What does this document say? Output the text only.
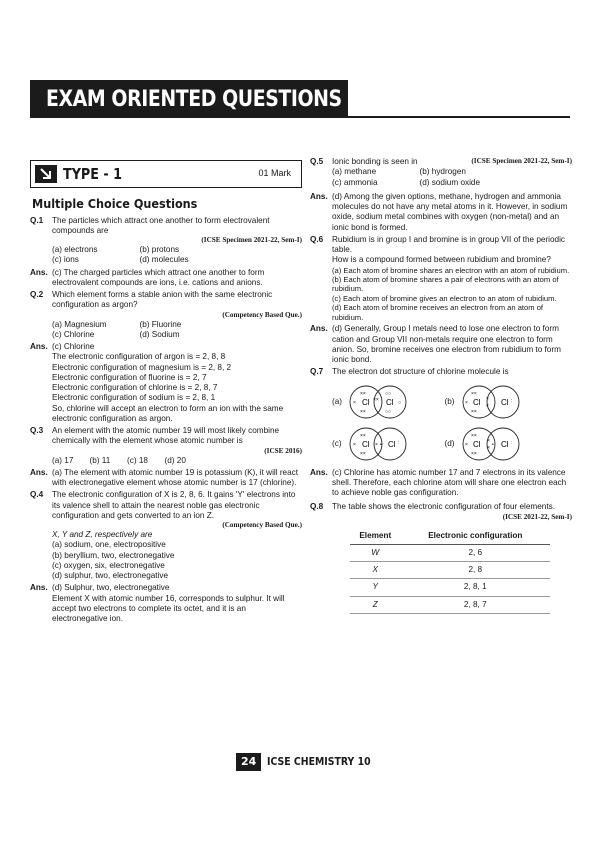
EXAM ORIENTED QUESTIONS
TYPE - 1	01 Mark
Multiple Choice Questions
Q.1	The particles which attract one another to form electrovalent compounds are
(ICSE Specimen 2021-22, Sem-I)
(a) electrons	(b) protons
(c) ions	(d) molecules
Ans. (c) The charged particles which attract one another to form electrovalent compounds are ions, i.e. cations and anions.
Q.2	Which element forms a stable anion with the same electronic configuration as argon?
(Competency Based Que.)
(a) Magnesium	(b) Fluorine
(c) Chlorine	(d) Sodium
Ans. (c) Chlorine
The electronic configuration of argon is = 2, 8, 8
Electronic configuration of magnesium is = 2, 8, 2
Electronic configuration of fluorine is = 2, 7
Electronic configuration of chlorine is = 2, 8, 7
Electronic configuration of sodium is = 2, 8, 1
So, chlorine will accept an electron to form an ion with the same electronic configuration as argon.
Q.3	An element with the atomic number 19 will most likely combine chemically with the element whose atomic number is
(ICSE 2016)
(a) 17	(b) 11	(c) 18	(d) 20
Ans. (a) The element with atomic number 19 is potassium (K), it will react with electronegative element whose atomic number is 17 (chlorine).
Q.4	The electronic configuration of X is 2, 8, 6. It gains 'Y' electrons into its valence shell to attain the nearest noble gas electronic configuration and gets converted to an ion Z.
(Competency Based Que.)
X, Y and Z, respectively are
(a) sodium, one, electropositive
(b) beryllium, two, electronegative
(c) oxygen, six, electronegative
(d) sulphur, two, electronegative
Ans. (d) Sulphur, two, electronegative
Element X with atomic number 16, corresponds to sulphur. It will accept two electrons to complete its octet, and it is an electronegative ion.
Q.5	Ionic bonding is seen in	(ICSE Specimen 2021-22, Sem-I)
(a) methane	(b) hydrogen
(c) ammonia	(d) sodium oxide
Ans. (d) Among the given options, methane, hydrogen and ammonia molecules do not have any metal atoms in it. However, in sodium oxide, sodium metal combines with oxygen (non-metal) and an ionic bond is formed.
Q.6	Rubidium is in group I and bromine is in group VII of the periodic table.
How is a compound formed between rubidium and bromine?
(a) Each atom of bromine shares an electron with an atom of rubidium.
(b) Each atom of bromine shares a pair of electrons with an atom of rubidium.
(c) Each atom of bromine gives an electron to an atom of rubidium.
(d) Each atom of bromine receives an electron from an atom of rubidium.
Ans. (d) Generally, Group I metals need to lose one electron to form cation and Group VII non-metals require one electron to form anion. So, bromine receives one electron from rubidium to form ionic bond.
Q.7	The electron dot structure of chlorine molecule is
(a)	Cl Cl
××
××
×	××
○○
○○
○	(b)	Cl	Cl
××
××
×
×
×
:
(c)	Cl Cl
××
××
×	× •	:	(d)	Cl	Cl
××
××
×
×
× •	:
Ans. (c) Chlorine has atomic number 17 and 7 electrons in its valence shell. Therefore, each chlorine atom will share one electron each to achieve noble gas configuration.
Q.8	The table shows the electronic configuration of four elements.
(ICSE 2021-22, Sem-I)
Element	Electronic configuration
W	2, 6
X	2, 8
Y	2, 8, 1
Z	2, 8, 7
24	ICSE CHEMISTRY 10
